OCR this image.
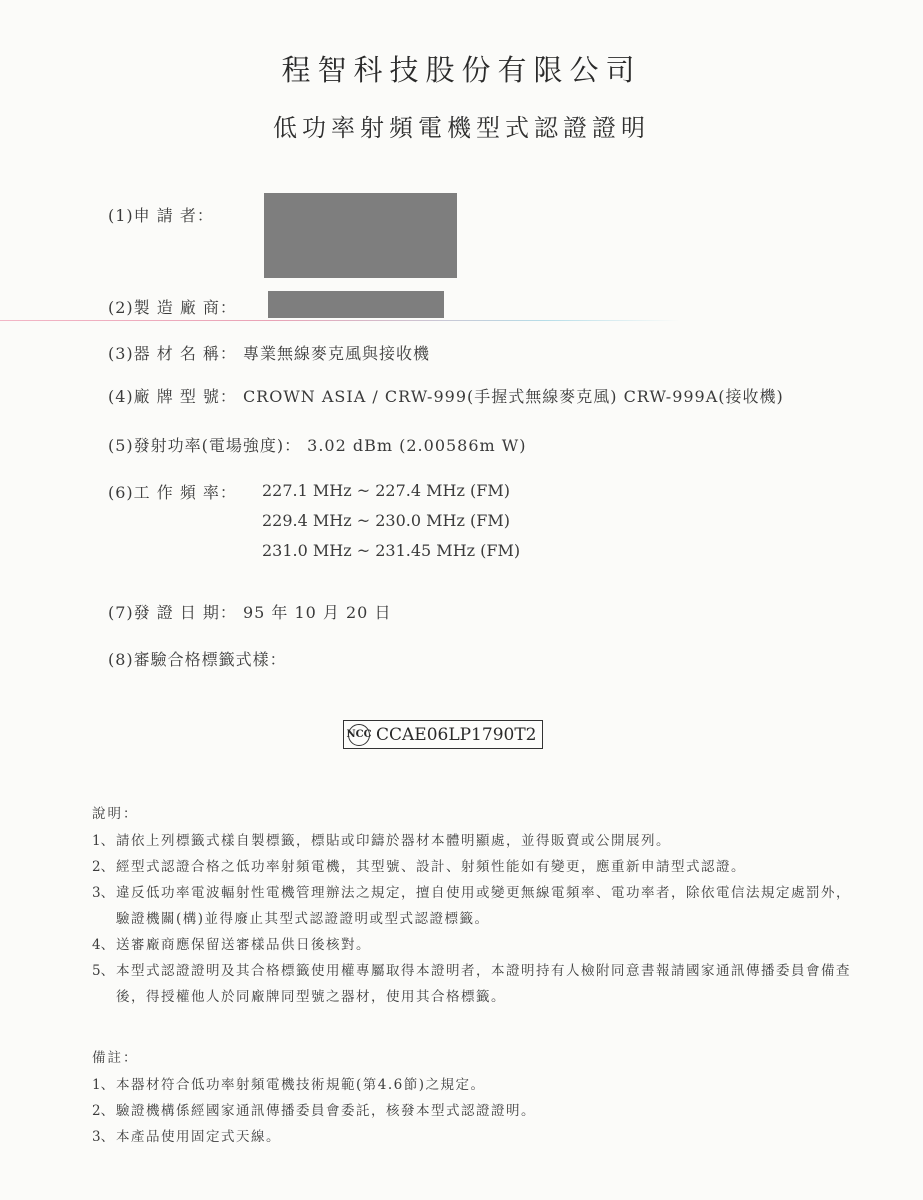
程智科技股份有限公司
低功率射頻電機型式認證證明
(1)申 請 者：
(2)製 造 廠 商：
(3)器 材 名 稱： 專業無線麥克風與接收機
(4)廠 牌 型 號： CROWN ASIA / CRW-999(手握式無線麥克風) CRW-999A(接收機)
(5)發射功率(電場強度)： 3.02 dBm (2.00586m W)
(6)工 作 頻 率： 227.1 MHz ~ 227.4 MHz (FM)
229.4 MHz ~ 230.0 MHz (FM)
231.0 MHz ~ 231.45 MHz (FM)
(7)發 證 日 期： 95 年 10 月 20 日
(8)審驗合格標籤式樣：
NCC CCAE06LP1790T2
說明：
1、 請依上列標籤式樣自製標籤，標貼或印鑄於器材本體明顯處，並得販賣或公開展列。
2、 經型式認證合格之低功率射頻電機，其型號、設計、射頻性能如有變更，應重新申請型式認證。
3、 違反低功率電波輻射性電機管理辦法之規定，擅自使用或變更無線電頻率、電功率者，除依電信法規定處罰外，驗證機關(構)並得廢止其型式認證證明或型式認證標籤。
4、 送審廠商應保留送審樣品供日後核對。
5、 本型式認證證明及其合格標籤使用權專屬取得本證明者，本證明持有人檢附同意書報請國家通訊傳播委員會備查後，得授權他人於同廠牌同型號之器材，使用其合格標籤。
備註：
1、 本器材符合低功率射頻電機技術規範(第4.6節)之規定。
2、 驗證機構係經國家通訊傳播委員會委託，核發本型式認證證明。
3、 本產品使用固定式天線。
